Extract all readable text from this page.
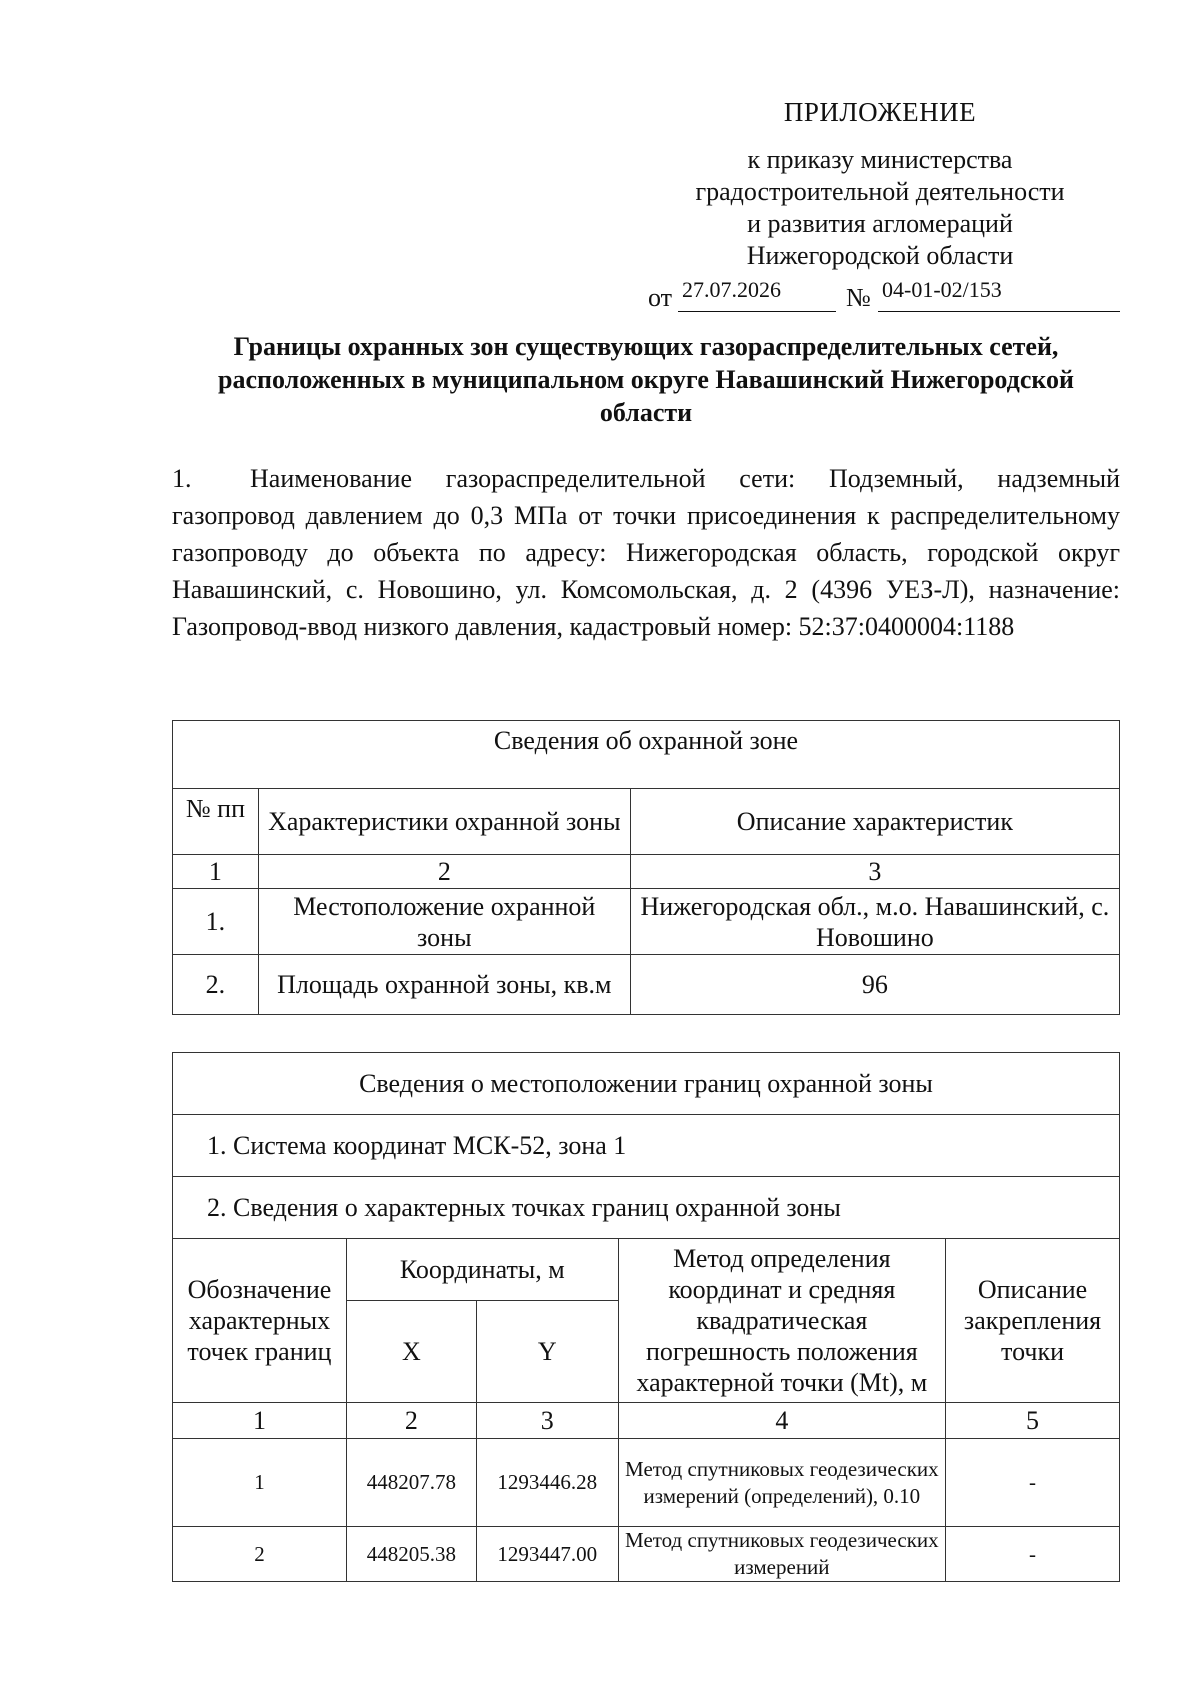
ПРИЛОЖЕНИЕ
к приказу министерства
градостроительной деятельности
и развития агломераций
Нижегородской области
от 27.07.2026	№ 04-01-02/153
Границы охранных зон существующих газораспределительных сетей, расположенных в муниципальном округе Навашинский Нижегородской области
1. Наименование газораспределительной сети: Подземный, надземный газопровод давлением до 0,3 МПа от точки присоединения к распределительному газопроводу до объекта по адресу: Нижегородская область, городской округ Навашинский, с. Новошино, ул. Комсомольская, д. 2 (4396 УЕЗ-Л), назначение: Газопровод-ввод низкого давления, кадастровый номер: 52:37:0400004:1188
Сведения об охранной зоне		
№ пп	Характеристики охранной зоны	Описание характеристик
1	2	3
1.	Местоположение охранной зоны	Нижегородская обл., м.о. Навашинский, с. Новошино
2.	Площадь охранной зоны, кв.м	96
Сведения о местоположении границ охранной зоны				
1. Система координат МСК-52, зона 1				
2. Сведения о характерных точках границ охранной зоны				
Обозначение характерных точек границ	Координаты, м		Метод определения координат и средняя квадратическая погрешность положения характерной точки (Mt), м	Описание закрепления точки
	X	Y		
1	2	3	4	5
1	448207.78	1293446.28	Метод спутниковых геодезических измерений (определений), 0.10	-
2	448205.38	1293447.00	Метод спутниковых геодезических измерений	-
